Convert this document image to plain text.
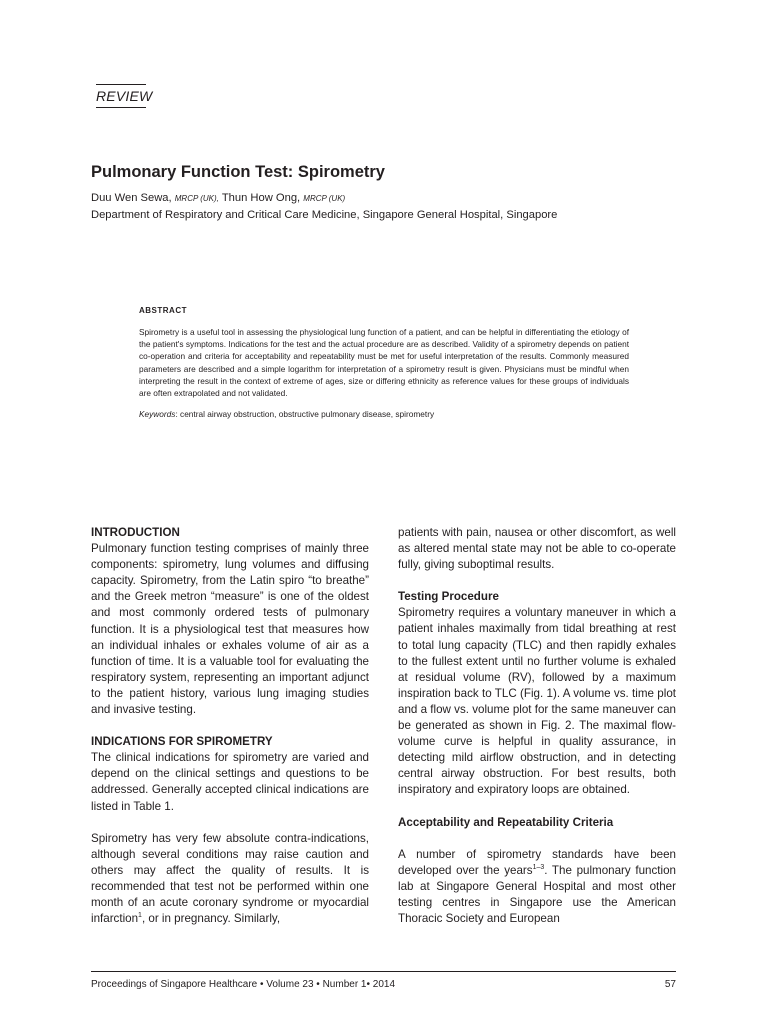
REVIEW
Pulmonary Function Test: Spirometry
Duu Wen Sewa, MRCP (UK), Thun How Ong, MRCP (UK)
Department of Respiratory and Critical Care Medicine, Singapore General Hospital, Singapore
ABSTRACT

Spirometry is a useful tool in assessing the physiological lung function of a patient, and can be helpful in differentiating the etiology of the patient's symptoms. Indications for the test and the actual procedure are as described. Validity of a spirometry depends on patient co-operation and criteria for acceptability and repeatability must be met for useful interpretation of the results. Commonly measured parameters are described and a simple logarithm for interpretation of a spirometry result is given. Physicians must be mindful when interpreting the result in the context of extreme of ages, size or differing ethnicity as reference values for these groups of individuals are often extrapolated and not validated.

Keywords: central airway obstruction, obstructive pulmonary disease, spirometry
INTRODUCTION

Pulmonary function testing comprises of mainly three components: spirometry, lung volumes and diffusing capacity. Spirometry, from the Latin spiro “to breathe” and the Greek metron “measure” is one of the oldest and most commonly ordered tests of pulmonary function. It is a physiological test that measures how an individual inhales or exhales volume of air as a function of time. It is a valuable tool for evaluating the respiratory system, representing an important adjunct to the patient history, various lung imaging studies and invasive testing.

INDICATIONS FOR SPIROMETRY

The clinical indications for spirometry are varied and depend on the clinical settings and questions to be addressed. Generally accepted clinical indications are listed in Table 1.

Spirometry has very few absolute contra-indications, although several conditions may raise caution and others may affect the quality of results. It is recommended that test not be performed within one month of an acute coronary syndrome or myocardial infarction$^1$, or in pregnancy. Similarly,

patients with pain, nausea or other discomfort, as well as altered mental state may not be able to co-operate fully, giving suboptimal results.

Testing Procedure

Spirometry requires a voluntary maneuver in which a patient inhales maximally from tidal breathing at rest to total lung capacity (TLC) and then rapidly exhales to the fullest extent until no further volume is exhaled at residual volume (RV), followed by a maximum inspiration back to TLC (Fig. 1). A volume vs. time plot and a flow vs. volume plot for the same maneuver can be generated as shown in Fig. 2. The maximal flow-volume curve is helpful in quality assurance, in detecting mild airflow obstruction, and in detecting central airway obstruction. For best results, both inspiratory and expiratory loops are obtained.

Acceptability and Repeatability Criteria

A number of spirometry standards have been developed over the years$^{1-3}$. The pulmonary function lab at Singapore General Hospital and most other testing centres in Singapore use the American Thoracic Society and European

Proceedings of Singapore Healthcare • Volume 23 • Number 1• 2014	57
